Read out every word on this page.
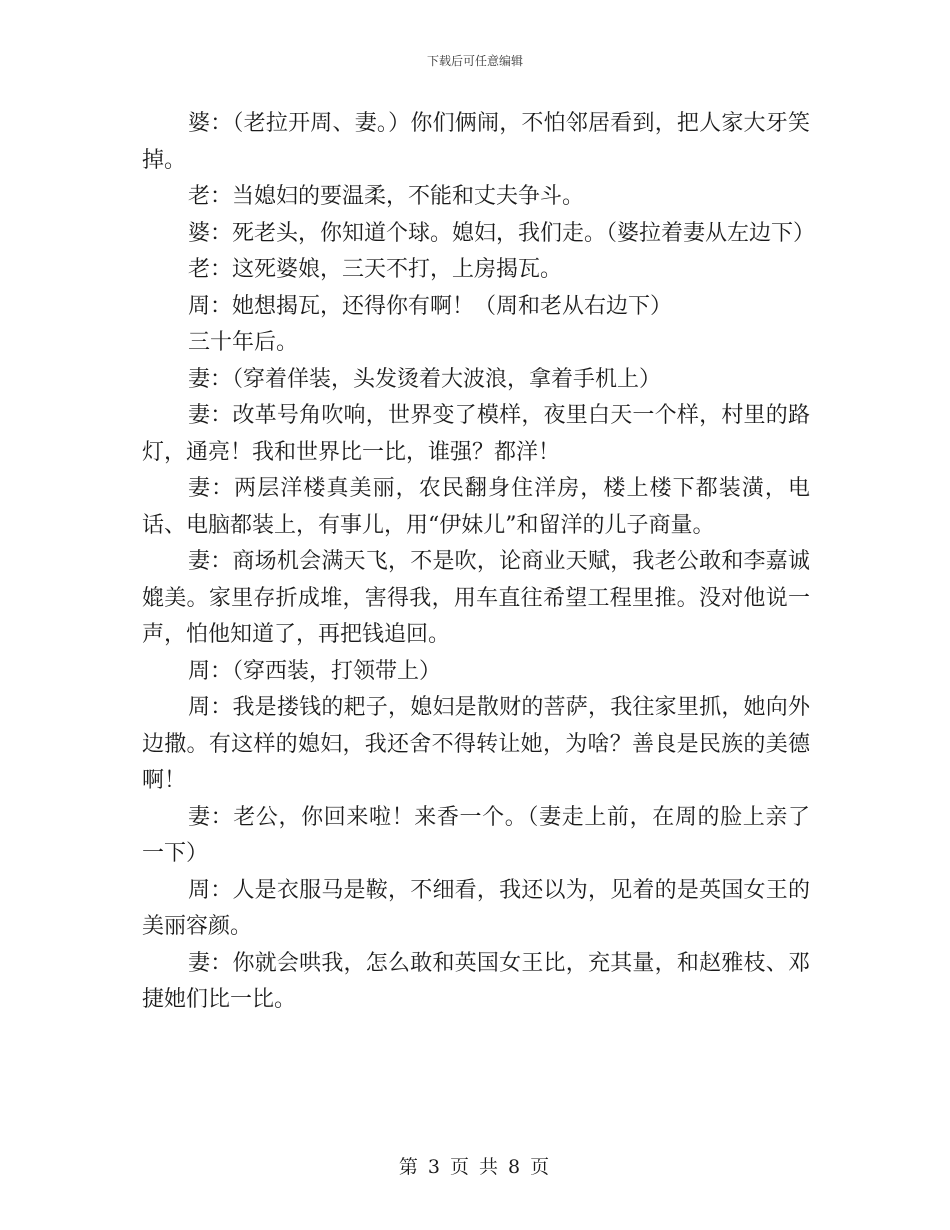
下载后可任意编辑

婆：（老拉开周、妻。）你们俩闹，不怕邻居看到，把人家大牙笑掉。

老：当媳妇的要温柔，不能和丈夫争斗。

婆：死老头，你知道个球。媳妇，我们走。（婆拉着妻从左边下）

老：这死婆娘，三天不打，上房揭瓦。

周：她想揭瓦，还得你有啊！（周和老从右边下）

三十年后。

妻：（穿着佯装，头发烫着大波浪，拿着手机上）

妻：改革号角吹响，世界变了模样，夜里白天一个样，村里的路灯，通亮！我和世界比一比，谁强？都洋！

妻：两层洋楼真美丽，农民翻身住洋房，楼上楼下都装潢，电话、电脑都装上，有事儿，用“伊妹儿”和留洋的儿子商量。

妻：商场机会满天飞，不是吹，论商业天赋，我老公敢和李嘉诚媲美。家里存折成堆，害得我，用车直往希望工程里推。没对他说一声，怕他知道了，再把钱追回。

周：（穿西装，打领带上）

周：我是搂钱的耙子，媳妇是散财的菩萨，我往家里抓，她向外边撒。有这样的媳妇，我还舍不得转让她，为啥？善良是民族的美德啊！

妻：老公，你回来啦！来香一个。（妻走上前，在周的脸上亲了一下）

周：人是衣服马是鞍，不细看，我还以为，见着的是英国女王的美丽容颜。

妻：你就会哄我，怎么敢和英国女王比，充其量，和赵雅枝、邓捷她们比一比。

第 3 页 共 8 页
